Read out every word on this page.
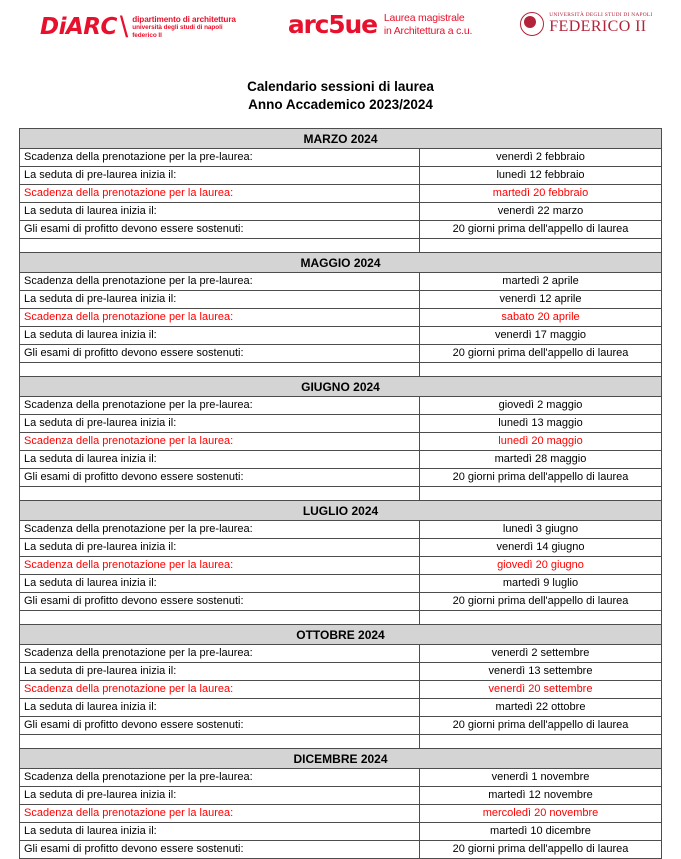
DiARC \ dipartimento di architettura
università degli studi di napoli
federico II	arc5ue Laurea magistrale
in Architettura a c.u.
UNIVERSITÀ DEGLI STUDI DI NAPOLI
FEDERICO II
Calendario sessioni di laurea
Anno Accademico 2023/2024
MARZO 2024	
Scadenza della prenotazione per la pre-laurea:	venerdì 2 febbraio
La seduta di pre-laurea inizia il:	lunedì 12 febbraio
Scadenza della prenotazione per la laurea:	martedì 20 febbraio
La seduta di laurea inizia il:	venerdì 22 marzo
Gli esami di profitto devono essere sostenuti:	20 giorni prima dell'appello di laurea

MAGGIO 2024	
Scadenza della prenotazione per la pre-laurea:	martedì 2 aprile
La seduta di pre-laurea inizia il:	venerdì 12 aprile
Scadenza della prenotazione per la laurea:	sabato 20 aprile
La seduta di laurea inizia il:	venerdì 17 maggio
Gli esami di profitto devono essere sostenuti:	20 giorni prima dell'appello di laurea

GIUGNO 2024	
Scadenza della prenotazione per la pre-laurea:	giovedì 2 maggio
La seduta di pre-laurea inizia il:	lunedì 13 maggio
Scadenza della prenotazione per la laurea:	lunedì 20 maggio
La seduta di laurea inizia il:	martedì 28 maggio
Gli esami di profitto devono essere sostenuti:	20 giorni prima dell'appello di laurea

LUGLIO 2024	
Scadenza della prenotazione per la pre-laurea:	lunedì 3 giugno
La seduta di pre-laurea inizia il:	venerdì 14 giugno
Scadenza della prenotazione per la laurea:	giovedì 20 giugno
La seduta di laurea inizia il:	martedì 9 luglio
Gli esami di profitto devono essere sostenuti:	20 giorni prima dell'appello di laurea

OTTOBRE 2024	
Scadenza della prenotazione per la pre-laurea:	venerdì 2 settembre
La seduta di pre-laurea inizia il:	venerdì 13 settembre
Scadenza della prenotazione per la laurea:	venerdì 20 settembre
La seduta di laurea inizia il:	martedì 22 ottobre
Gli esami di profitto devono essere sostenuti:	20 giorni prima dell'appello di laurea

DICEMBRE 2024	
Scadenza della prenotazione per la pre-laurea:	venerdì 1 novembre
La seduta di pre-laurea inizia il:	martedì 12 novembre
Scadenza della prenotazione per la laurea:	mercoledì 20 novembre
La seduta di laurea inizia il:	martedì 10 dicembre
Gli esami di profitto devono essere sostenuti:	20 giorni prima dell'appello di laurea
